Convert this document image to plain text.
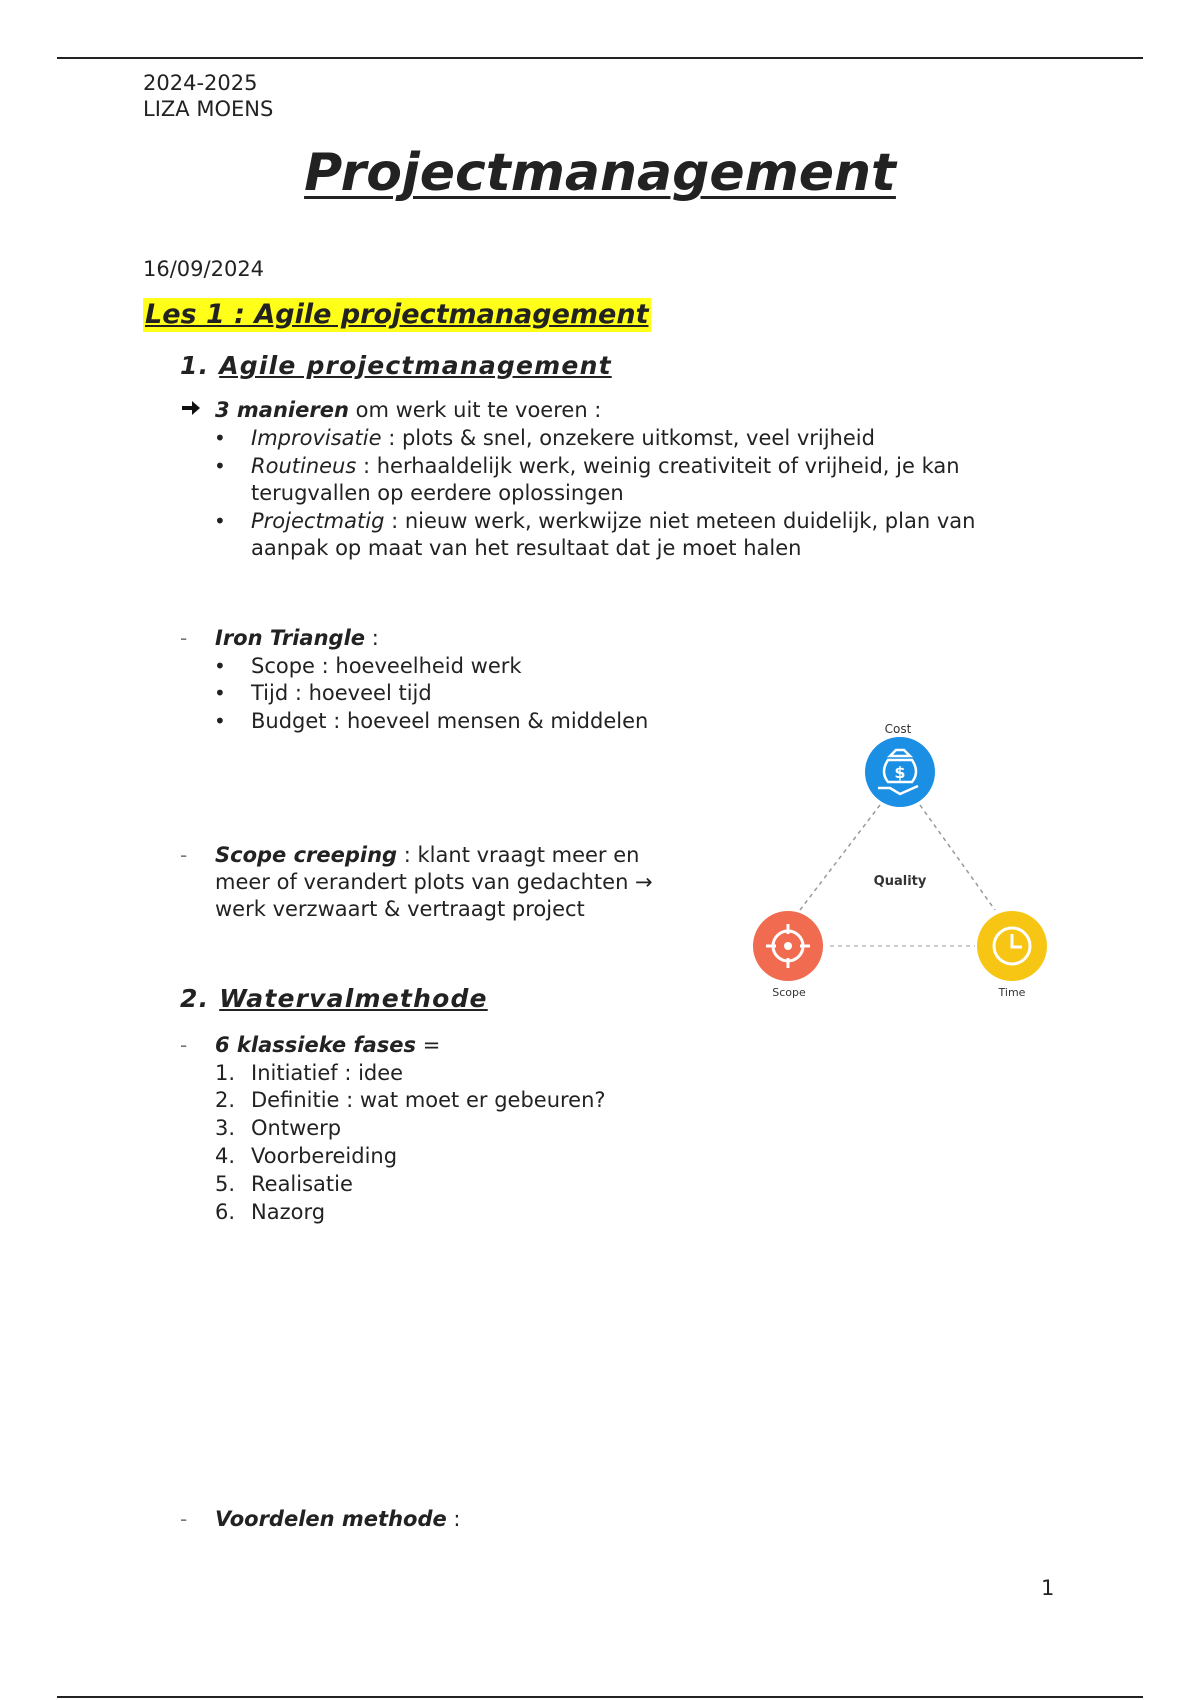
2024-2025
LIZA MOENS
Projectmanagement
16/09/2024
Les 1 : Agile projectmanagement
1. Agile projectmanagement
3 manieren om werk uit te voeren :
• Improvisatie : plots & snel, onzekere uitkomst, veel vrijheid
• Routineus : herhaaldelijk werk, weinig creativiteit of vrijheid, je kan
terugvallen op eerdere oplossingen
• Projectmatig : nieuw werk, werkwijze niet meteen duidelijk, plan van
aanpak op maat van het resultaat dat je moet halen
- Iron Triangle :
• Scope : hoeveelheid werk
• Tijd : hoeveel tijd
• Budget : hoeveel mensen & middelen
- Scope creeping : klant vraagt meer en
meer of verandert plots van gedachten →
werk verzwaart & vertraagt project
Cost
Quality
Scope	Time
$
2. Watervalmethode
- 6 klassieke fases =
1. Initiatief : idee
2. Definitie : wat moet er gebeuren?
3. Ontwerp
4. Voorbereiding
5. Realisatie
6. Nazorg
- Voordelen methode :
1
